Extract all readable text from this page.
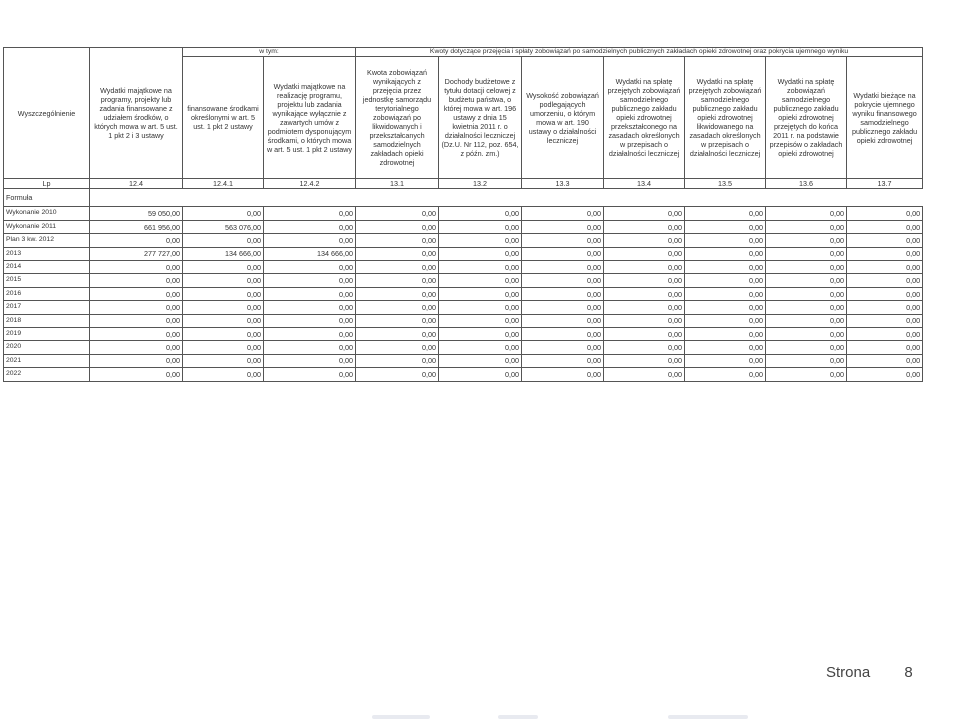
Wyszczególnienie	Wydatki majątkowe na programy, projekty lub zadania finansowane z udziałem środków, o których mowa w art. 5 ust. 1 pkt 2 i 3 ustawy	w tym:		Kwoty dotyczące przejęcia i spłaty zobowiązań po samodzielnych publicznych zakładach opieki zdrowotnej oraz pokrycia ujemnego wyniku						
		finansowane środkami określonymi w art. 5 ust. 1 pkt 2 ustawy	Wydatki majątkowe na realizację programu, projektu lub zadania wynikające wyłącznie z zawartych umów z podmiotem dysponującym środkami, o których mowa w art. 5 ust. 1 pkt 2 ustawy	Kwota zobowiązań wynikających z przejęcia przez jednostkę samorządu terytorialnego zobowiązań po likwidowanych i przekształcanych samodzielnych zakładach opieki zdrowotnej	Dochody budżetowe z tytułu dotacji celowej z budżetu państwa, o której mowa w art. 196 ustawy z dnia 15 kwietnia 2011 r. o działalności leczniczej (Dz.U. Nr 112, poz. 654, z późn. zm.)	Wysokość zobowiązań podlegających umorzeniu, o którym mowa w art. 190 ustawy o działalności leczniczej	Wydatki na spłatę przejętych zobowiązań samodzielnego publicznego zakładu opieki zdrowotnej przekształconego na zasadach określonych w przepisach o działalności leczniczej	Wydatki na spłatę przejętych zobowiązań samodzielnego publicznego zakładu opieki zdrowotnej likwidowanego na zasadach określonych w przepisach o działalności leczniczej	Wydatki na spłatę zobowiązań samodzielnego publicznego zakładu opieki zdrowotnej przejętych do końca 2011 r. na podstawie przepisów o zakładach opieki zdrowotnej	Wydatki bieżące na pokrycie ujemnego wyniku finansowego samodzielnego publicznego zakładu opieki zdrowotnej

Lp	12.4	12.4.1	12.4.2	13.1	13.2	13.3	13.4	13.5	13.6	13.7
Formuła										
Wykonanie 2010	59 050,00	0,00	0,00	0,00	0,00	0,00	0,00	0,00	0,00	0,00
Wykonanie 2011	661 956,00	563 076,00	0,00	0,00	0,00	0,00	0,00	0,00	0,00	0,00
Plan 3 kw. 2012	0,00	0,00	0,00	0,00	0,00	0,00	0,00	0,00	0,00	0,00
2013	277 727,00	134 666,00	134 666,00	0,00	0,00	0,00	0,00	0,00	0,00	0,00
2014	0,00	0,00	0,00	0,00	0,00	0,00	0,00	0,00	0,00	0,00
2015	0,00	0,00	0,00	0,00	0,00	0,00	0,00	0,00	0,00	0,00
2016	0,00	0,00	0,00	0,00	0,00	0,00	0,00	0,00	0,00	0,00
2017	0,00	0,00	0,00	0,00	0,00	0,00	0,00	0,00	0,00	0,00
2018	0,00	0,00	0,00	0,00	0,00	0,00	0,00	0,00	0,00	0,00
2019	0,00	0,00	0,00	0,00	0,00	0,00	0,00	0,00	0,00	0,00
2020	0,00	0,00	0,00	0,00	0,00	0,00	0,00	0,00	0,00	0,00
2021	0,00	0,00	0,00	0,00	0,00	0,00	0,00	0,00	0,00	0,00
2022	0,00	0,00	0,00	0,00	0,00	0,00	0,00	0,00	0,00	0,00
Strona 8
